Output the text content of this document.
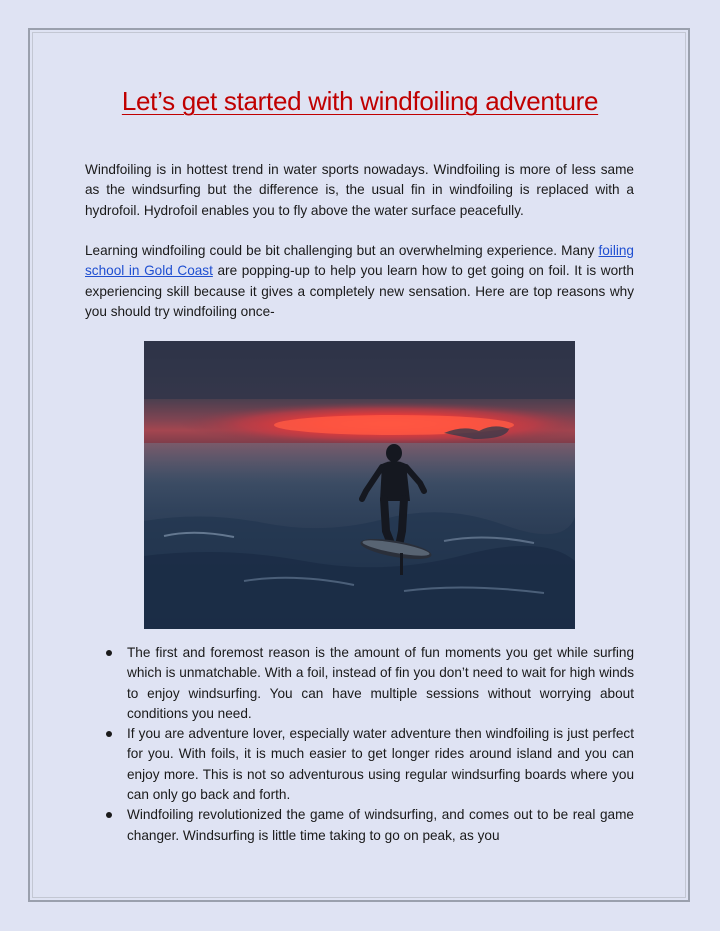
Let’s get started with windfoiling adventure

Windfoiling is in hottest trend in water sports nowadays. Windfoiling is more of less same as the windsurfing but the difference is, the usual fin in windfoiling is replaced with a hydrofoil. Hydrofoil enables you to fly above the water surface peacefully.

Learning windfoiling could be bit challenging but an overwhelming experience. Many foiling school in Gold Coast are popping-up to help you learn how to get going on foil. It is worth experiencing skill because it gives a completely new sensation. Here are top reasons why you should try windfoiling once-

The first and foremost reason is the amount of fun moments you get while surfing which is unmatchable. With a foil, instead of fin you don’t need to wait for high winds to enjoy windsurfing. You can have multiple sessions without worrying about conditions you need.
If you are adventure lover, especially water adventure then windfoiling is just perfect for you. With foils, it is much easier to get longer rides around island and you can enjoy more. This is not so adventurous using regular windsurfing boards where you can only go back and forth.
Windfoiling revolutionized the game of windsurfing, and comes out to be real game changer. Windsurfing is little time taking to go on peak, as you
